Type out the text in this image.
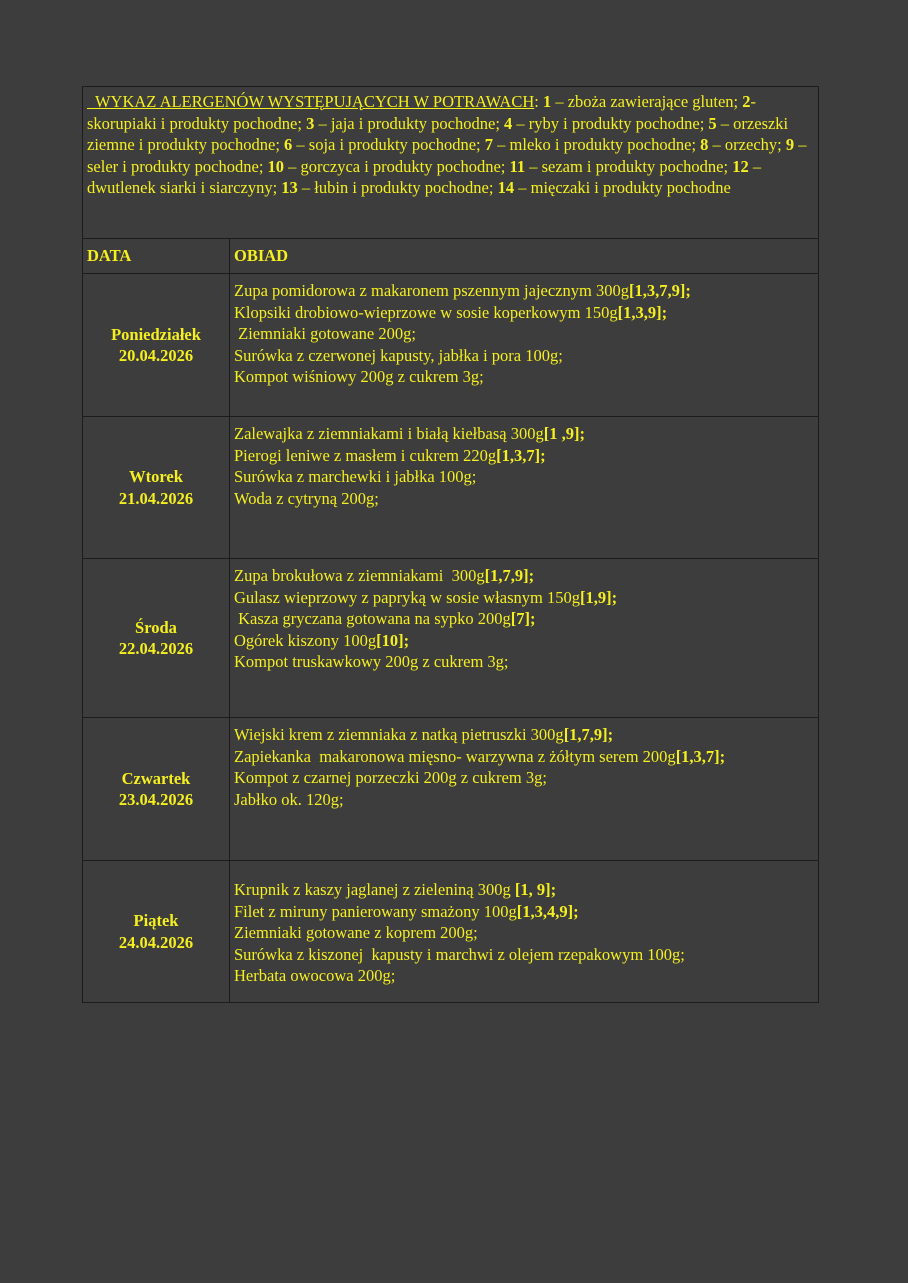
WYKAZ ALERGENÓW WYSTĘPUJĄCYCH W POTRAWACH: 1 – zboża zawierające gluten; 2-skorupiaki i produkty pochodne; 3 – jaja i produkty pochodne; 4 – ryby i produkty pochodne; 5 – orzeszki ziemne i produkty pochodne; 6 – soja i produkty pochodne; 7 – mleko i produkty pochodne; 8 – orzechy; 9 – seler i produkty pochodne; 10 – gorczyca i produkty pochodne; 11 – sezam i produkty pochodne; 12 – dwutlenek siarki i siarczyny; 13 – łubin i produkty pochodne; 14 – mięczaki i produkty pochodne	
DATA	OBIAD

Poniedziałek
20.04.2026	Zupa pomidorowa z makaronem pszennym jajecznym 300g[1,3,7,9];
Klopsiki drobiowo-wieprzowe w sosie koperkowym 150g[1,3,9];
Ziemniaki gotowane 200g;
Surówka z czerwonej kapusty, jabłka i pora 100g;
Kompot wiśniowy 200g z cukrem 3g;

Wtorek
21.04.2026	Zalewajka z ziemniakami i białą kiełbasą 300g[1 ,9];
Pierogi leniwe z masłem i cukrem 220g[1,3,7];
Surówka z marchewki i jabłka 100g;
Woda z cytryną 200g;

Środa
22.04.2026	Zupa brokułowa z ziemniakami  300g[1,7,9];
Gulasz wieprzowy z papryką w sosie własnym 150g[1,9];
Kasza gryczana gotowana na sypko 200g[7];
Ogórek kiszony 100g[10];
Kompot truskawkowy 200g z cukrem 3g;

Czwartek
23.04.2026	Wiejski krem z ziemniaka z natką pietruszki 300g[1,7,9];
Zapiekanka  makaronowa mięsno- warzywna z żółtym serem 200g[1,3,7];
Kompot z czarnej porzeczki 200g z cukrem 3g;
Jabłko ok. 120g;

Piątek
24.04.2026	Krupnik z kaszy jaglanej z zieleniną 300g [1, 9];
Filet z miruny panierowany smażony 100g[1,3,4,9];
Ziemniaki gotowane z koprem 200g;
Surówka z kiszonej  kapusty i marchwi z olejem rzepakowym 100g;
Herbata owocowa 200g;
